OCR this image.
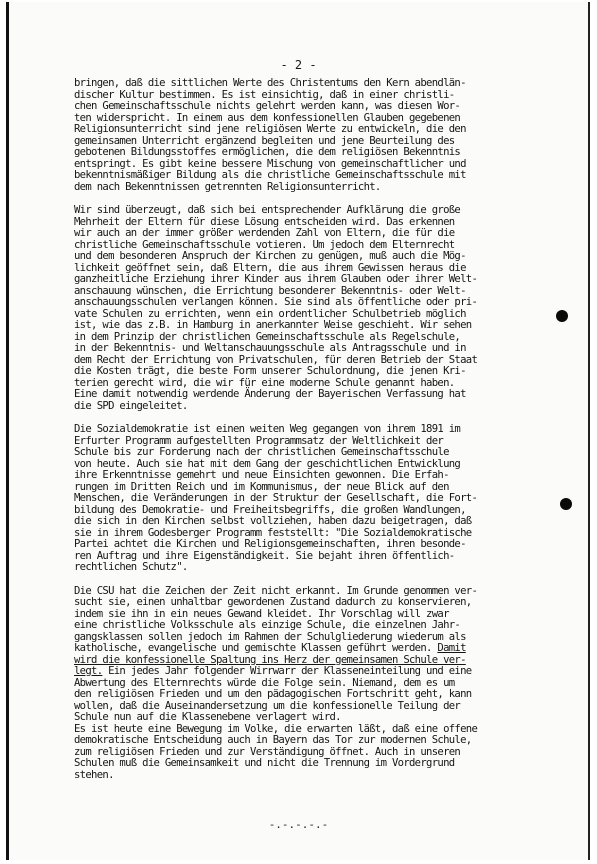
- 2 -
bringen, daß die sittlichen Werte des Christentums den Kern abendlän-
discher Kultur bestimmen. Es ist einsichtig, daß in einer christli-
chen Gemeinschaftsschule nichts gelehrt werden kann, was diesen Wor-
ten widerspricht. In einem aus dem konfessionellen Glauben gegebenen
Religionsunterricht sind jene religiösen Werte zu entwickeln, die den
gemeinsamen Unterricht ergänzend begleiten und jene Beurteilung des
gebotenen Bildungsstoffes ermöglichen, die dem religiösen Bekenntnis
entspringt. Es gibt keine bessere Mischung von gemeinschaftlicher und
bekenntnismäßiger Bildung als die christliche Gemeinschaftsschule mit
dem nach Bekenntnissen getrennten Religionsunterricht.
Wir sind überzeugt, daß sich bei entsprechender Aufklärung die große
Mehrheit der Eltern für diese Lösung entscheiden wird. Das erkennen
wir auch an der immer größer werdenden Zahl von Eltern, die für die
christliche Gemeinschaftsschule votieren. Um jedoch dem Elternrecht
und dem besonderen Anspruch der Kirchen zu genügen, muß auch die Mög-
lichkeit geöffnet sein, daß Eltern, die aus ihrem Gewissen heraus die
ganzheitliche Erziehung ihrer Kinder aus ihrem Glauben oder ihrer Welt-
anschauung wünschen, die Errichtung besonderer Bekenntnis- oder Welt-
anschauungsschulen verlangen können. Sie sind als öffentliche oder pri-
vate Schulen zu errichten, wenn ein ordentlicher Schulbetrieb möglich
ist, wie das z.B. in Hamburg in anerkannter Weise geschieht. Wir sehen
in dem Prinzip der christlichen Gemeinschaftsschule als Regelschule,
in der Bekenntnis- und Weltanschauungsschule als Antragsschule und in
dem Recht der Errichtung von Privatschulen, für deren Betrieb der Staat
die Kosten trägt, die beste Form unserer Schulordnung, die jenen Kri-
terien gerecht wird, die wir für eine moderne Schule genannt haben.
Eine damit notwendig werdende Änderung der Bayerischen Verfassung hat
die SPD eingeleitet.
Die Sozialdemokratie ist einen weiten Weg gegangen von ihrem 1891 im
Erfurter Programm aufgestellten Programmsatz der Weltlichkeit der
Schule bis zur Forderung nach der christlichen Gemeinschaftsschule
von heute. Auch sie hat mit dem Gang der geschichtlichen Entwicklung
ihre Erkenntnisse gemehrt und neue Einsichten gewonnen. Die Erfah-
rungen im Dritten Reich und im Kommunismus, der neue Blick auf den
Menschen, die Veränderungen in der Struktur der Gesellschaft, die Fort-
bildung des Demokratie- und Freiheitsbegriffs, die großen Wandlungen,
die sich in den Kirchen selbst vollziehen, haben dazu beigetragen, daß
sie in ihrem Godesberger Programm feststellt: "Die Sozialdemokratische
Partei achtet die Kirchen und Religionsgemeinschaften, ihren besonde-
ren Auftrag und ihre Eigenständigkeit. Sie bejaht ihren öffentlich-
rechtlichen Schutz".
Die CSU hat die Zeichen der Zeit nicht erkannt. Im Grunde genommen ver-
sucht sie, einen unhaltbar gewordenen Zustand dadurch zu konservieren,
indem sie ihn in ein neues Gewand kleidet. Ihr Vorschlag will zwar
eine christliche Volksschule als einzige Schule, die einzelnen Jahr-
gangsklassen sollen jedoch im Rahmen der Schulgliederung wiederum als
katholische, evangelische und gemischte Klassen geführt werden. Damit
wird die konfessionelle Spaltung ins Herz der gemeinsamen Schule ver-
legt. Ein jedes Jahr folgender Wirrwarr der Klasseneinteilung und eine
Abwertung des Elternrechts würde die Folge sein. Niemand, dem es um
den religiösen Frieden und um den pädagogischen Fortschritt geht, kann
wollen, daß die Auseinandersetzung um die konfessionelle Teilung der
Schule nun auf die Klassenebene verlagert wird.
Es ist heute eine Bewegung im Volke, die erwarten läßt, daß eine offene
demokratische Entscheidung auch in Bayern das Tor zur modernen Schule,
zum religiösen Frieden und zur Verständigung öffnet. Auch in unseren
Schulen muß die Gemeinsamkeit und nicht die Trennung im Vordergrund
stehen.
-.-.-.-.-
